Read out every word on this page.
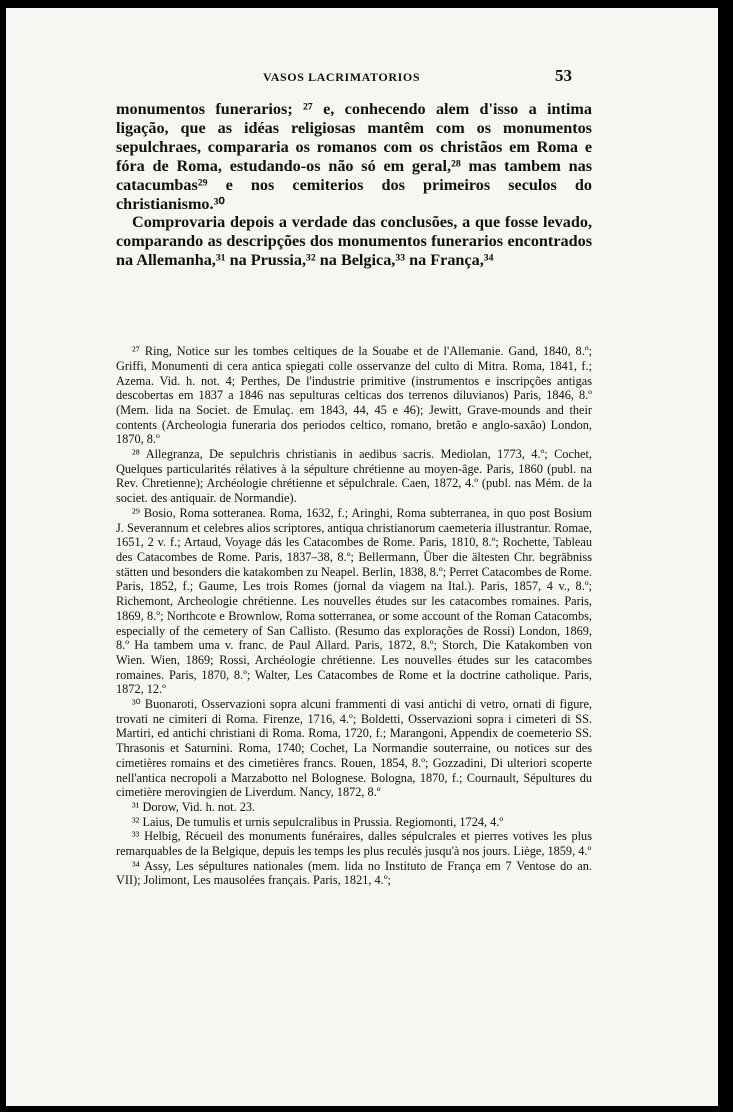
VASOS LACRIMATORIOS	53

monumentos funerarios; ²⁷ e, conhecendo alem d'isso a intima ligação, que as idéas religiosas mantêm com os monumentos sepulchraes, compararia os romanos com os christãos em Roma e fóra de Roma, estudando-os não só em geral,²⁸ mas tambem nas catacumbas²⁹ e nos cemiterios dos primeiros seculos do christianismo.³⁰

Comprovaria depois a verdade das conclusões, a que fosse levado, comparando as descripções dos monumentos funerarios encontrados na Allemanha,³¹ na Prussia,³² na Belgica,³³ na França,³⁴

²⁷ Ring, Notice sur les tombes celtiques de la Souabe et de l'Allemanie. Gand, 1840, 8.º; Griffi, Monumenti di cera antica spiegati colle osservanze del culto di Mitra. Roma, 1841, f.; Azema. Vid. h. not. 4; Perthes, De l'industrie primitive (instrumentos e inscripções antigas descobertas em 1837 a 1846 nas sepulturas celticas dos terrenos diluvianos) Paris, 1846, 8.º (Mem. lida na Societ. de Emulaç. em 1843, 44, 45 e 46); Jewitt, Grave-mounds and their contents (Archeologia funeraria dos periodos celtico, romano, bretão e anglo-saxão) London, 1870, 8.º

²⁸ Allegranza, De sepulchris christianis in aedibus sacris. Mediolan, 1773, 4.º; Cochet, Quelques particularités rélatives à la sépulture chrétienne au moyen-âge. Paris, 1860 (publ. na Rev. Chretienne); Archéologie chrétienne et sépulchrale. Caen, 1872, 4.º (publ. nas Mém. de la societ. des antiquair. de Normandie).

²⁹ Bosio, Roma sotteranea. Roma, 1632, f.; Aringhi, Roma subterranea, in quo post Bosium J. Severannum et celebres alios scriptores, antiqua christianorum caemeteria illustrantur. Romae, 1651, 2 v. f.; Artaud, Voyage dás les Catacombes de Rome. Paris, 1810, 8.º; Rochette, Tableau des Catacombes de Rome. Paris, 1837–38, 8.º; Bellermann, Über die ältesten Chr. begräbniss stätten und besonders die katakomben zu Neapel. Berlin, 1838, 8.º; Perret Catacombes de Rome. Paris, 1852, f.; Gaume, Les trois Romes (jornal da viagem na Ital.). Paris, 1857, 4 v., 8.º; Richemont, Archeologie chrétienne. Les nouvelles études sur les catacombes romaines. Paris, 1869, 8.º; Northcote e Brownlow, Roma sotterranea, or some account of the Roman Catacombs, especially of the cemetery of San Callisto. (Resumo das explorações de Rossi) London, 1869, 8.º Ha tambem uma v. franc. de Paul Allard. Paris, 1872, 8.º; Storch, Die Katakomben von Wien. Wien, 1869; Rossi, Archéologie chrétienne. Les nouvelles études sur les catacombes romaines. Paris, 1870, 8.º; Walter, Les Catacombes de Rome et la doctrine catholique. Paris, 1872, 12.º

³⁰ Buonaroti, Osservazioni sopra alcuni frammenti di vasi antichi di vetro, ornati di figure, trovati ne cimiteri di Roma. Firenze, 1716, 4.º; Boldetti, Osservazioni sopra i cimeteri di SS. Martiri, ed antichi christiani di Roma. Roma, 1720, f.; Marangoni, Appendix de coemeterio SS. Thrasonis et Saturnini. Roma, 1740; Cochet, La Normandie souterraine, ou notices sur des cimetières romains et des cimetières francs. Rouen, 1854, 8.º; Gozzadini, Di ulteriori scoperte nell'antica necropoli a Marzabotto nel Bolognese. Bologna, 1870, f.; Cournault, Sépultures du cimetière merovingien de Liverdum. Nancy, 1872, 8.º

³¹ Dorow, Vid. h. not. 23.

³² Laius, De tumulis et urnis sepulcralibus in Prussia. Regiomonti, 1724, 4.º

³³ Helbig, Récueil des monuments funéraires, dalles sépulcrales et pierres votives les plus remarquables de la Belgique, depuis les temps les plus reculés jusqu'à nos jours. Liège, 1859, 4.º

³⁴ Assy, Les sépultures nationales (mem. lida no Instituto de França em 7 Ventose do an. VII); Jolimont, Les mausolées français. Paris, 1821, 4.º;
